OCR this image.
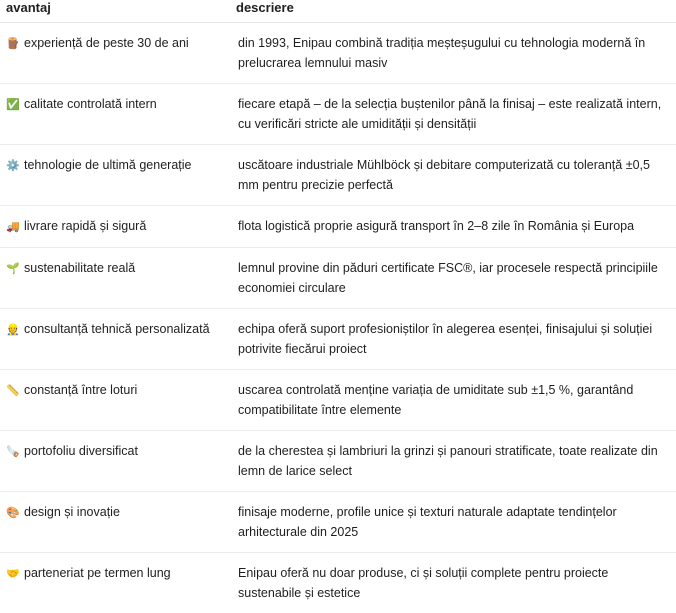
avantaj	descriere
🪵 experiență de peste 30 de ani	din 1993, Enipau combină tradiția meșteșugului cu tehnologia modernă în prelucrarea lemnului masiv
✅ calitate controlată intern	fiecare etapă – de la selecția buștenilor până la finisaj – este realizată intern, cu verificări stricte ale umidității și densității
⚙️ tehnologie de ultimă generație	uscătoare industriale Mühlböck și debitare computerizată cu toleranță ±0,5 mm pentru precizie perfectă
🚚 livrare rapidă și sigură	flota logistică proprie asigură transport în 2–8 zile în România și Europa
🌱 sustenabilitate reală	lemnul provine din păduri certificate FSC®, iar procesele respectă principiile economiei circulare
👷 consultanță tehnică personalizată	echipa oferă suport profesioniștilor în alegerea esenței, finisajului și soluției potrivite fiecărui proiect
📏 constanță între loturi	uscarea controlată menține variația de umiditate sub ±1,5 %, garantând compatibilitate între elemente
🪚 portofoliu diversificat	de la cherestea și lambriuri la grinzi și panouri stratificate, toate realizate din lemn de larice select
🎨 design și inovație	finisaje moderne, profile unice și texturi naturale adaptate tendințelor arhitecturale din 2025
🤝 parteneriat pe termen lung	Enipau oferă nu doar produse, ci și soluții complete pentru proiecte sustenabile și estetice
